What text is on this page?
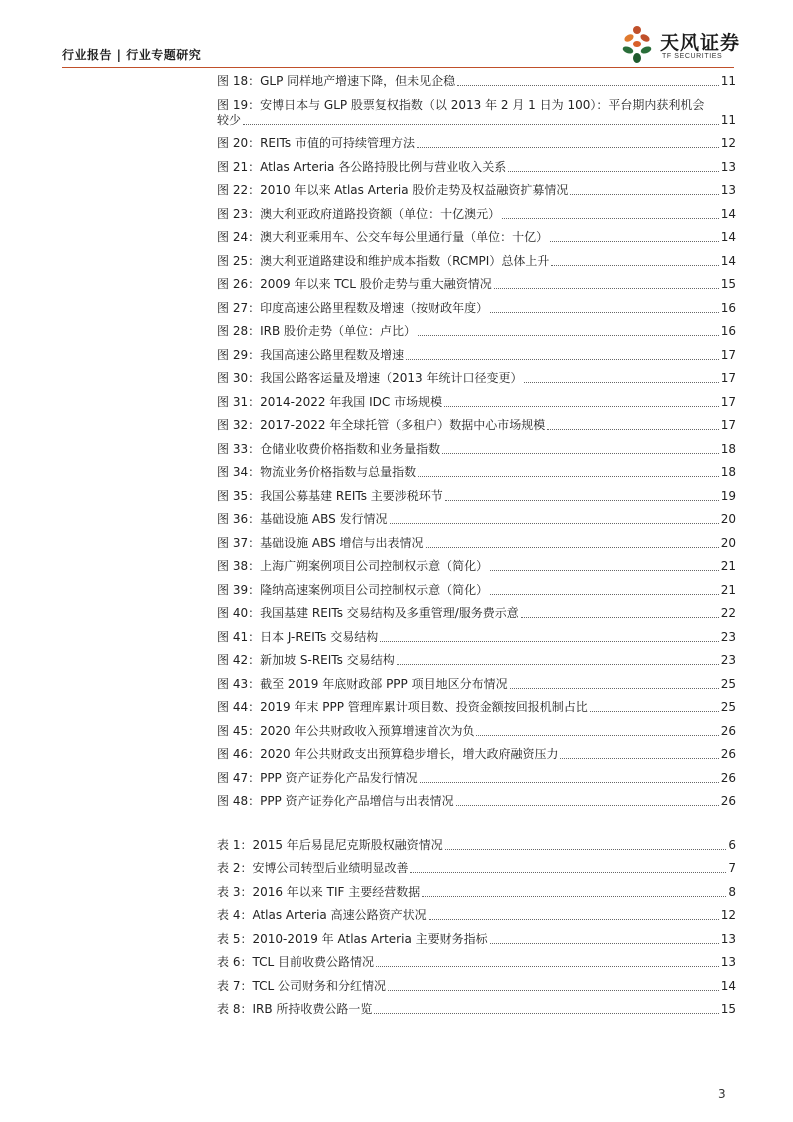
行业报告 | 行业专题研究
天风证券
TF SECURITIES
图 18：GLP 同样地产增速下降，但未见企稳	11
图 19：安博日本与 GLP 股票复权指数（以 2013 年 2 月 1 日为 100）：平台期内获利机会
较少	11
图 20：REITs 市值的可持续管理方法	12
图 21：Atlas Arteria 各公路持股比例与营业收入关系	13
图 22：2010 年以来 Atlas Arteria 股价走势及权益融资扩募情况	13
图 23：澳大利亚政府道路投资额（单位：十亿澳元）	14
图 24：澳大利亚乘用车、公交车每公里通行量（单位：十亿）	14
图 25：澳大利亚道路建设和维护成本指数（RCMPI）总体上升	14
图 26：2009 年以来 TCL 股价走势与重大融资情况	15
图 27：印度高速公路里程数及增速（按财政年度）	16
图 28：IRB 股价走势（单位：卢比）	16
图 29：我国高速公路里程数及增速	17
图 30：我国公路客运量及增速（2013 年统计口径变更）	17
图 31：2014-2022 年我国 IDC 市场规模	17
图 32：2017-2022 年全球托管（多租户）数据中心市场规模	17
图 33：仓储业收费价格指数和业务量指数	18
图 34：物流业务价格指数与总量指数	18
图 35：我国公募基建 REITs 主要涉税环节	19
图 36：基础设施 ABS 发行情况	20
图 37：基础设施 ABS 增信与出表情况	20
图 38：上海广朔案例项目公司控制权示意（简化）	21
图 39：隆纳高速案例项目公司控制权示意（简化）	21
图 40：我国基建 REITs 交易结构及多重管理/服务费示意	22
图 41：日本 J-REITs 交易结构	23
图 42：新加坡 S-REITs 交易结构	23
图 43：截至 2019 年底财政部 PPP 项目地区分布情况	25
图 44：2019 年末 PPP 管理库累计项目数、投资金额按回报机制占比	25
图 45：2020 年公共财政收入预算增速首次为负	26
图 46：2020 年公共财政支出预算稳步增长，增大政府融资压力	26
图 47：PPP 资产证券化产品发行情况	26
图 48：PPP 资产证券化产品增信与出表情况	26
表 1：2015 年后易昆尼克斯股权融资情况	6
表 2：安博公司转型后业绩明显改善	7
表 3：2016 年以来 TIF 主要经营数据	8
表 4：Atlas Arteria 高速公路资产状况	12
表 5：2010-2019 年 Atlas Arteria 主要财务指标	13
表 6：TCL 目前收费公路情况	13
表 7：TCL 公司财务和分红情况	14
表 8：IRB 所持收费公路一览	15
3
